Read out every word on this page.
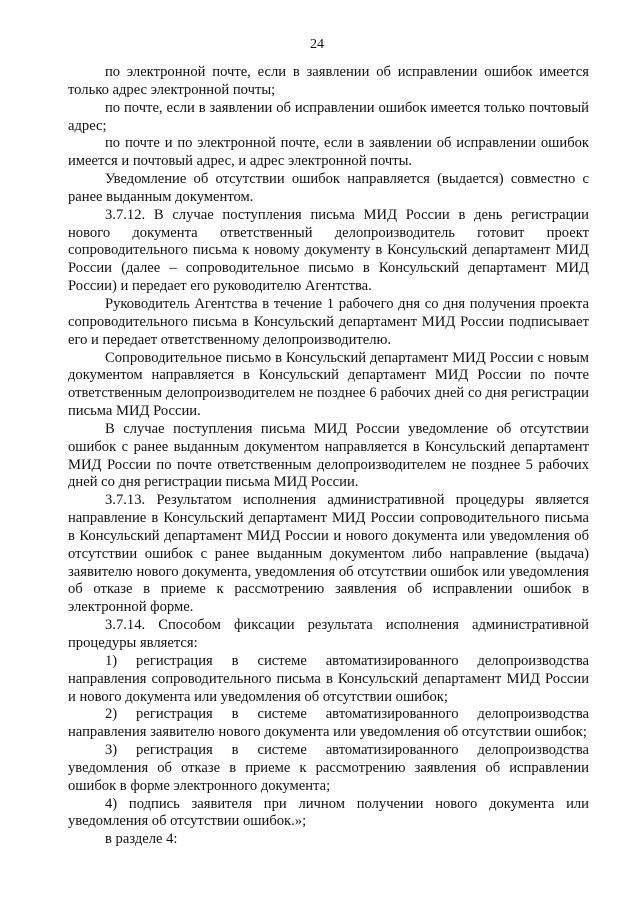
24

по электронной почте, если в заявлении об исправлении ошибок имеется только адрес электронной почты;

по почте, если в заявлении об исправлении ошибок имеется только почтовый адрес;

по почте и по электронной почте, если в заявлении об исправлении ошибок имеется и почтовый адрес, и адрес электронной почты.

Уведомление об отсутствии ошибок направляется (выдается) совместно с ранее выданным документом.

3.7.12. В случае поступления письма МИД России в день регистрации нового документа ответственный делопроизводитель готовит проект сопроводительного письма к новому документу в Консульский департамент МИД России (далее – сопроводительное письмо в Консульский департамент МИД России) и передает его руководителю Агентства.

Руководитель Агентства в течение 1 рабочего дня со дня получения проекта сопроводительного письма в Консульский департамент МИД России подписывает его и передает ответственному делопроизводителю.

Сопроводительное письмо в Консульский департамент МИД России с новым документом направляется в Консульский департамент МИД России по почте ответственным делопроизводителем не позднее 6 рабочих дней со дня регистрации письма МИД России.

В случае поступления письма МИД России уведомление об отсутствии ошибок с ранее выданным документом направляется в Консульский департамент МИД России по почте ответственным делопроизводителем не позднее 5 рабочих дней со дня регистрации письма МИД России.

3.7.13. Результатом исполнения административной процедуры является направление в Консульский департамент МИД России сопроводительного письма в Консульский департамент МИД России и нового документа или уведомления об отсутствии ошибок с ранее выданным документом либо направление (выдача) заявителю нового документа, уведомления об отсутствии ошибок или уведомления об отказе в приеме к рассмотрению заявления об исправлении ошибок в электронной форме.

3.7.14. Способом фиксации результата исполнения административной процедуры является:

1) регистрация в системе автоматизированного делопроизводства направления сопроводительного письма в Консульский департамент МИД России и нового документа или уведомления об отсутствии ошибок;

2) регистрация в системе автоматизированного делопроизводства направления заявителю нового документа или уведомления об отсутствии ошибок;

3) регистрация в системе автоматизированного делопроизводства уведомления об отказе в приеме к рассмотрению заявления об исправлении ошибок в форме электронного документа;

4) подпись заявителя при личном получении нового документа или уведомления об отсутствии ошибок.»;

в разделе 4:
